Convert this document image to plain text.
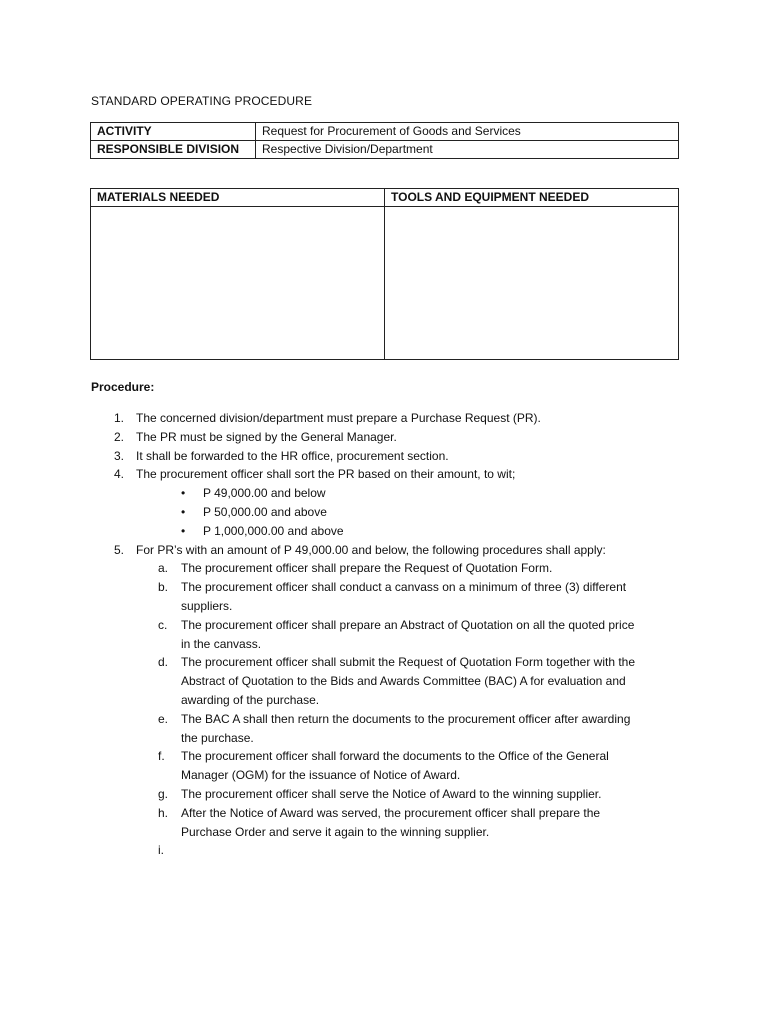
STANDARD OPERATING PROCEDURE
ACTIVITY	Request for Procurement of Goods and Services
RESPONSIBLE DIVISION	Respective Division/Department
MATERIALS NEEDED	TOOLS AND EQUIPMENT NEEDED

Procedure:
1. The concerned division/department must prepare a Purchase Request (PR).
2. The PR must be signed by the General Manager.
3. It shall be forwarded to the HR office, procurement section.
4. The procurement officer shall sort the PR based on their amount, to wit;
• P 49,000.00 and below
• P 50,000.00 and above
• P 1,000,000.00 and above
5. For PR’s with an amount of P 49,000.00 and below, the following procedures shall apply:
a. The procurement officer shall prepare the Request of Quotation Form.
b. The procurement officer shall conduct a canvass on a minimum of three (3) different
suppliers.
c. The procurement officer shall prepare an Abstract of Quotation on all the quoted price
in the canvass.
d. The procurement officer shall submit the Request of Quotation Form together with the
Abstract of Quotation to the Bids and Awards Committee (BAC) A for evaluation and
awarding of the purchase.
e. The BAC A shall then return the documents to the procurement officer after awarding
the purchase.
f. The procurement officer shall forward the documents to the Office of the General
Manager (OGM) for the issuance of Notice of Award.
g. The procurement officer shall serve the Notice of Award to the winning supplier.
h. After the Notice of Award was served, the procurement officer shall prepare the
Purchase Order and serve it again to the winning supplier.
i.
